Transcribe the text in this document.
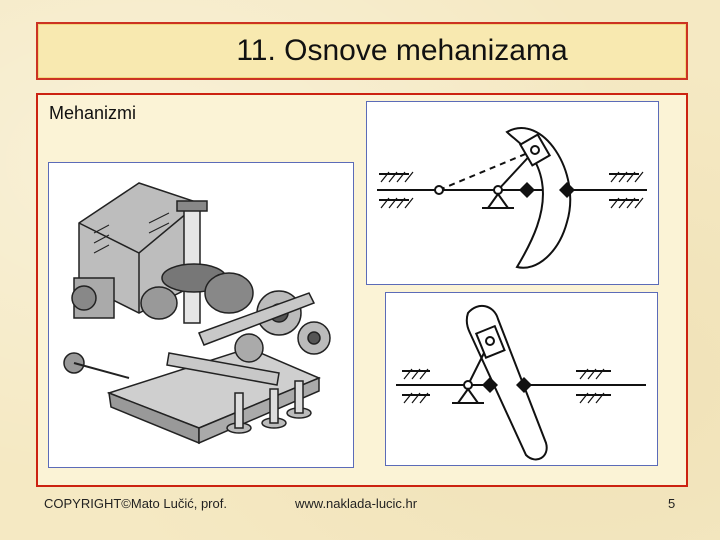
11. Osnove mehanizama
Mehanizmi
COPYRIGHT©Mato Lučić, prof.	www.naklada-lucic.hr	5
